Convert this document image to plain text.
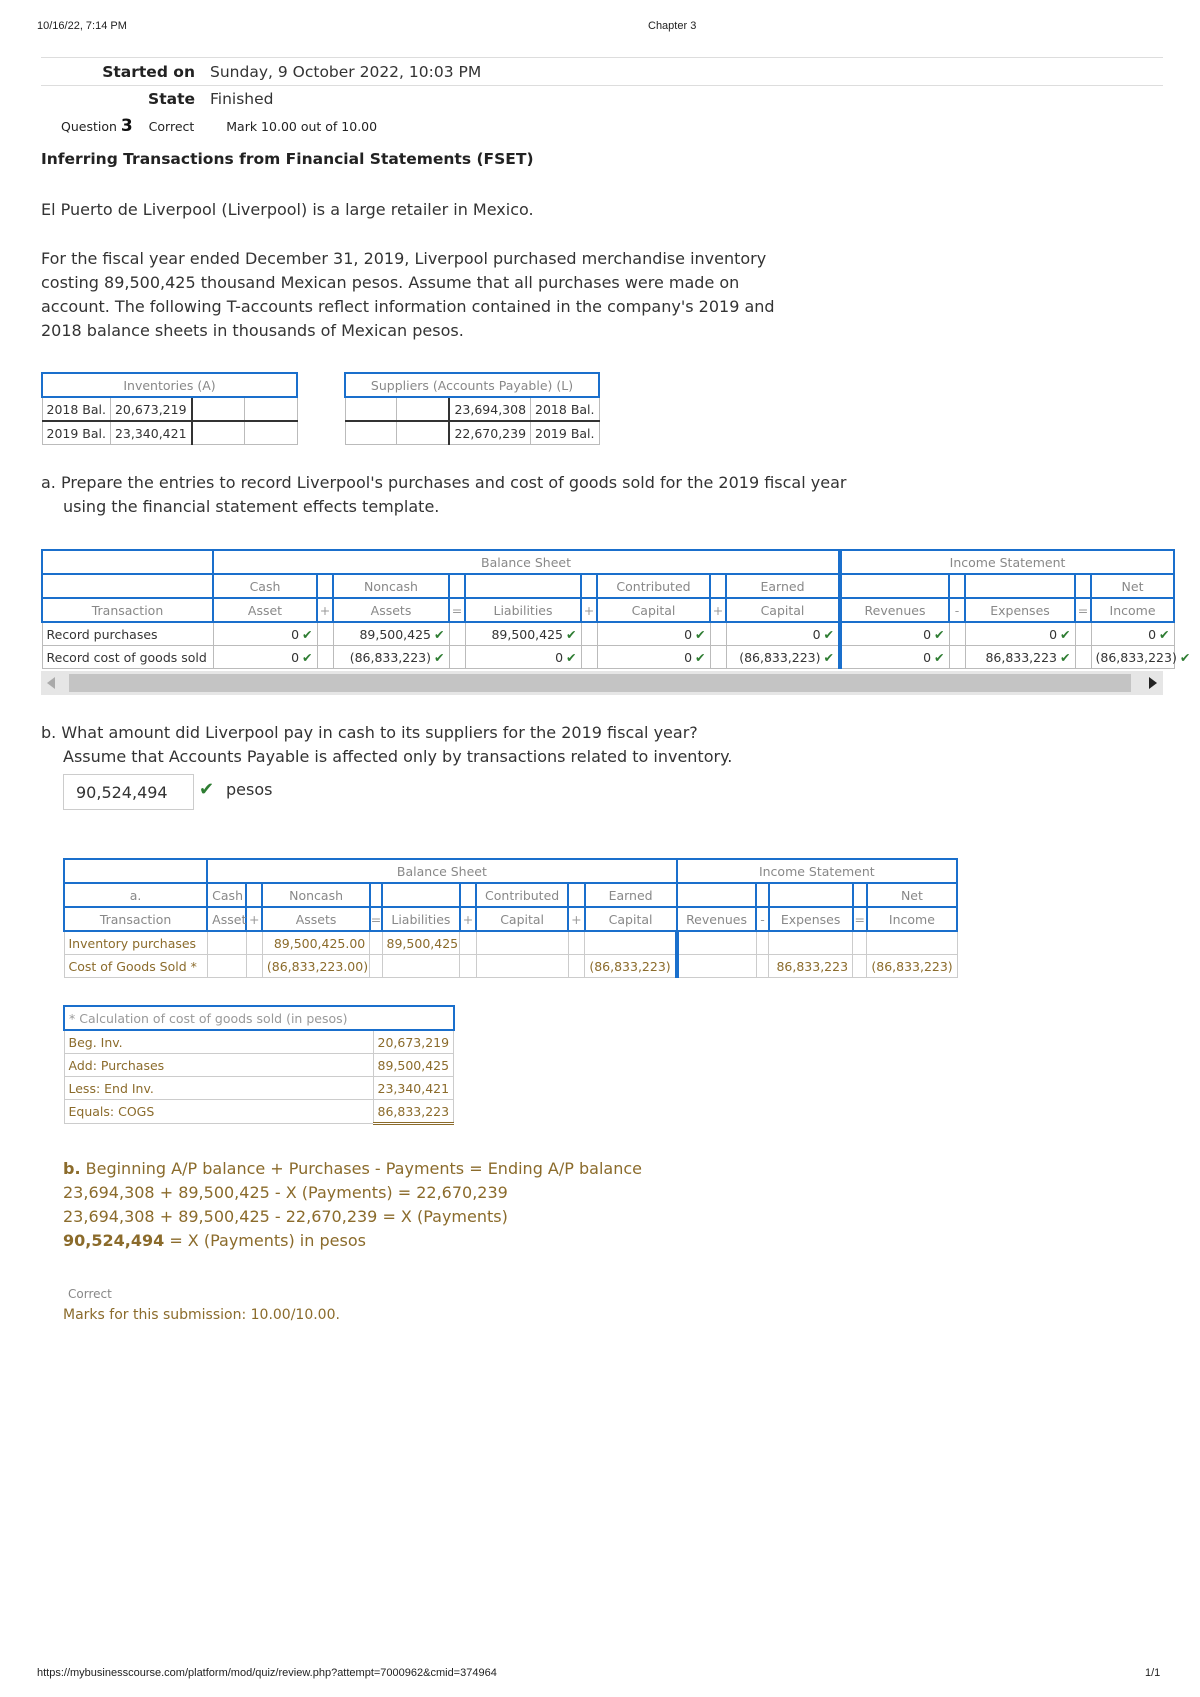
10/16/22, 7:14 PM	Chapter 3
Started on Sunday, 9 October 2022, 10:03 PM
State Finished
Question 3 Correct	Mark 10.00 out of 10.00
Inferring Transactions from Financial Statements (FSET)
El Puerto de Liverpool (Liverpool) is a large retailer in Mexico.
For the fiscal year ended December 31, 2019, Liverpool purchased merchandise inventory costing 89,500,425 thousand Mexican pesos. Assume that all purchases were made on account. The following T-accounts reflect information contained in the company's 2019 and 2018 balance sheets in thousands of Mexican pesos.
Inventories (A)			
2018 Bal.	20,673,219		
2019 Bal.	23,340,421		
Suppliers (Accounts Payable) (L)			
		23,694,308	2018 Bal.
		22,670,239	2019 Bal.
a. Prepare the entries to record Liverpool's purchases and cost of goods sold for the 2019 fiscal year
using the financial statement effects template.
	Balance Sheet									Income Statement				
	Cash		Noncash				Contributed		Earned					Net
Transaction	Asset	+	Assets	=	Liabilities	+	Capital	+	Capital	Revenues	-	Expenses	=	Income
Record purchases	0 ✔		89,500,425 ✔		89,500,425 ✔		0 ✔		0 ✔	0 ✔		0 ✔		0 ✔
Record cost of goods sold	0 ✔		(86,833,223) ✔		0 ✔		0 ✔		(86,833,223) ✔	0 ✔		86,833,223 ✔		(86,833,223) ✔
b. What amount did Liverpool pay in cash to its suppliers for the 2019 fiscal year?
Assume that Accounts Payable is affected only by transactions related to inventory.
90,524,494	✔ pesos
	Balance Sheet									Income Statement				
a.	Cash		Noncash				Contributed		Earned					Net
Transaction	Asset	+	Assets	=	Liabilities	+	Capital	+	Capital	Revenues	-	Expenses	=	Income
Inventory purchases			89,500,425.00		89,500,425									
Cost of Goods Sold *			(86,833,223.00)						(86,833,223)			86,833,223		(86,833,223)
* Calculation of cost of goods sold (in pesos)	
Beg. Inv.	20,673,219
Add: Purchases	89,500,425
Less: End Inv.	23,340,421
Equals: COGS	86,833,223
b. Beginning A/P balance + Purchases - Payments = Ending A/P balance
23,694,308 + 89,500,425 - X (Payments) = 22,670,239
23,694,308 + 89,500,425 - 22,670,239 = X (Payments)
90,524,494 = X (Payments) in pesos
Correct
Marks for this submission: 10.00/10.00.
https://mybusinesscourse.com/platform/mod/quiz/review.php?attempt=7000962&cmid=374964	1/1
